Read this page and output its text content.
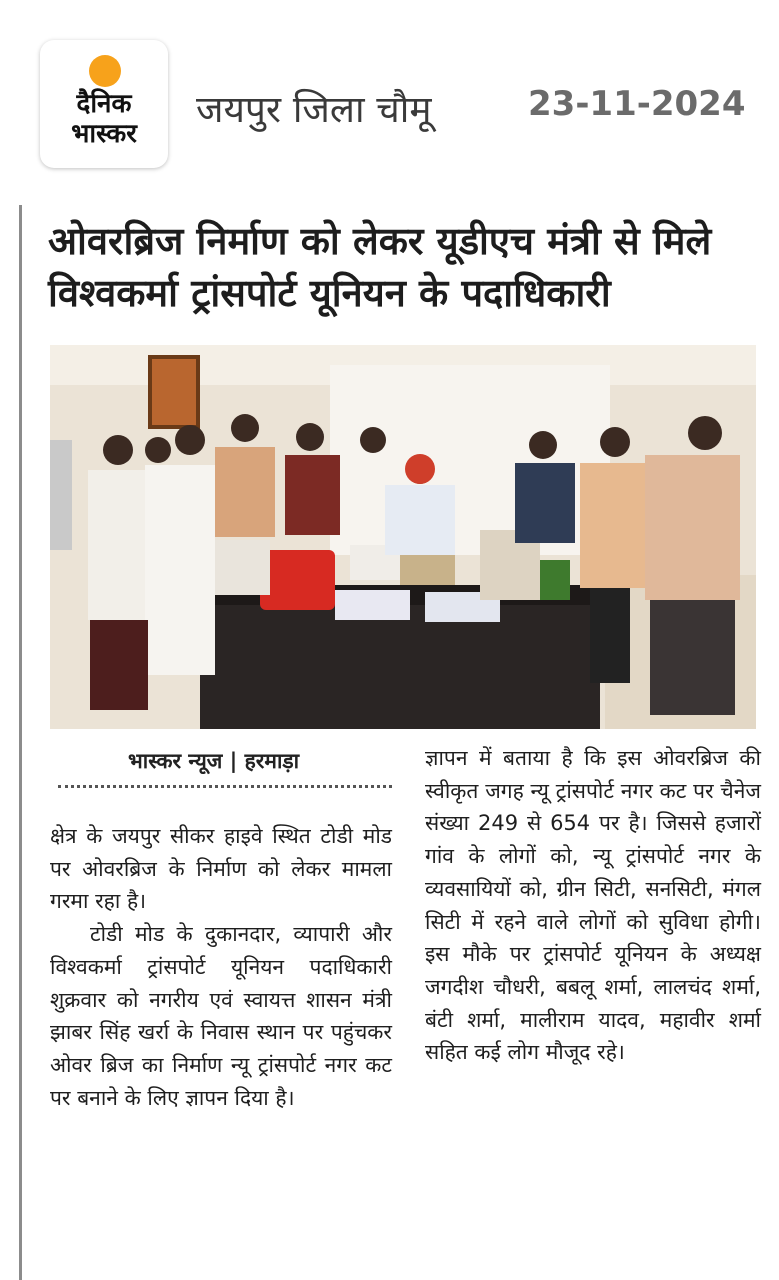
दैनिक
भास्कर
जयपुर जिला चौमू	23-11-2024
ओवरब्रिज निर्माण को लेकर यूडीएच मंत्री से मिले
विश्वकर्मा ट्रांसपोर्ट यूनियन के पदाधिकारी
भास्कर न्यूज | हरमाड़ा

क्षेत्र के जयपुर सीकर हाइवे स्थित टोडी मोड पर ओवरब्रिज के निर्माण को लेकर मामला गरमा रहा है।

टोडी मोड के दुकानदार, व्यापारी और विश्वकर्मा ट्रांसपोर्ट यूनियन पदाधिकारी शुक्रवार को नगरीय एवं स्वायत्त शासन मंत्री झाबर सिंह खर्रा के निवास स्थान पर पहुंचकर ओवर ब्रिज का निर्माण न्यू ट्रांसपोर्ट नगर कट पर बनाने के लिए ज्ञापन दिया है।

ज्ञापन में बताया है कि इस ओवरब्रिज की स्वीकृत जगह न्यू ट्रांसपोर्ट नगर कट पर चैनेज संख्या 249 से 654 पर है। जिससे हजारों गांव के लोगों को, न्यू ट्रांसपोर्ट नगर के व्यवसायियों को, ग्रीन सिटी, सनसिटी, मंगल सिटी में रहने वाले लोगों को सुविधा होगी। इस मौके पर ट्रांसपोर्ट यूनियन के अध्यक्ष जगदीश चौधरी, बबलू शर्मा, लालचंद शर्मा, बंटी शर्मा, मालीराम यादव, महावीर शर्मा सहित कई लोग मौजूद रहे।
